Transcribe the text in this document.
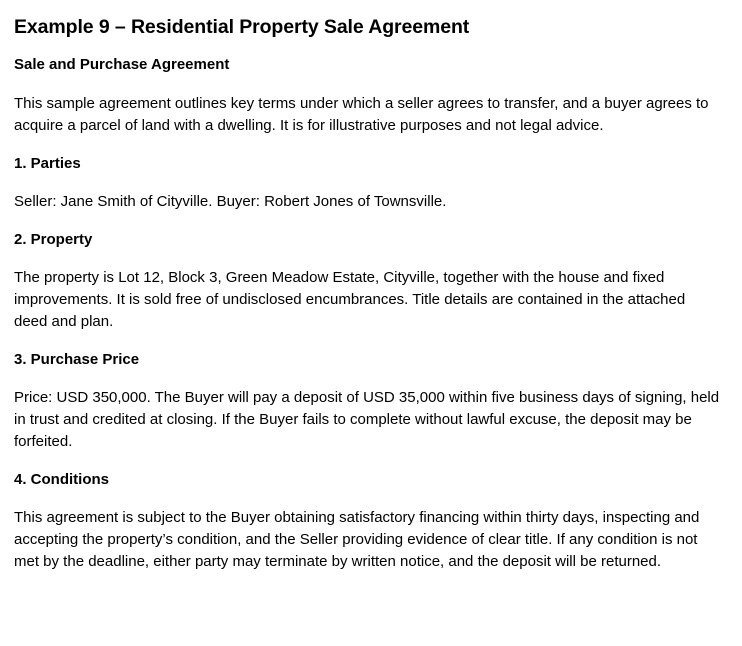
Example 9 – Residential Property Sale Agreement
Sale and Purchase Agreement

This sample agreement outlines key terms under which a seller agrees to transfer, and a buyer agrees to acquire a parcel of land with a dwelling. It is for illustrative purposes and not legal advice.

1. Parties

Seller: Jane Smith of Cityville. Buyer: Robert Jones of Townsville.

2. Property

The property is Lot 12, Block 3, Green Meadow Estate, Cityville, together with the house and fixed improvements. It is sold free of undisclosed encumbrances. Title details are contained in the attached deed and plan.

3. Purchase Price

Price: USD 350,000. The Buyer will pay a deposit of USD 35,000 within five business days of signing, held in trust and credited at closing. If the Buyer fails to complete without lawful excuse, the deposit may be forfeited.

4. Conditions

This agreement is subject to the Buyer obtaining satisfactory financing within thirty days, inspecting and accepting the property’s condition, and the Seller providing evidence of clear title. If any condition is not met by the deadline, either party may terminate by written notice, and the deposit will be returned.
